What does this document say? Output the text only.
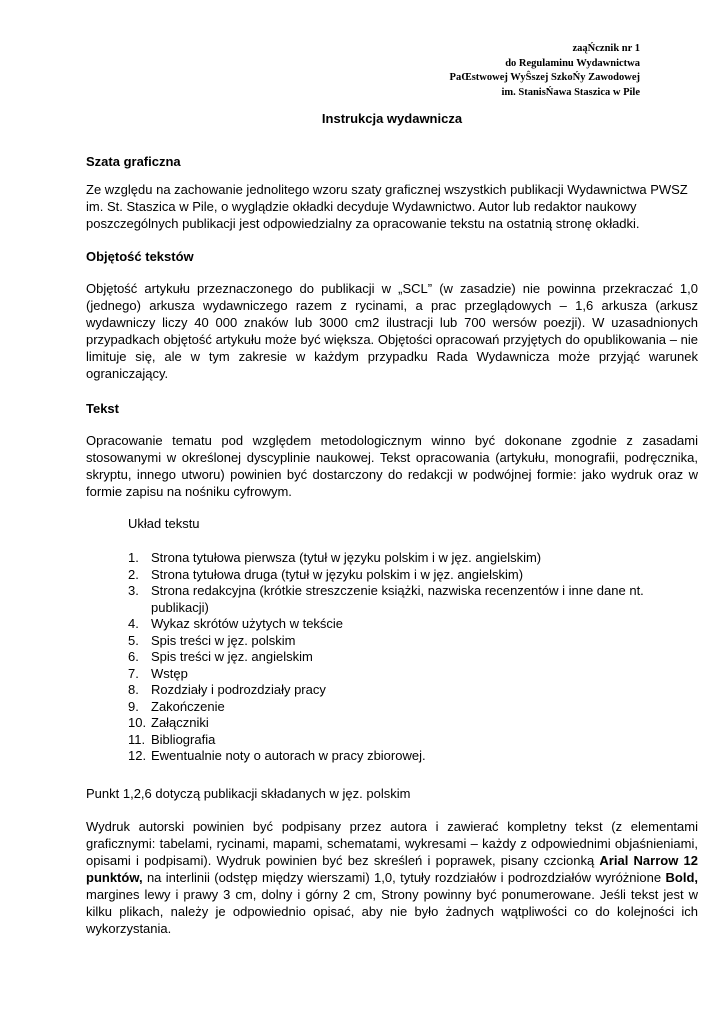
zaąŃcznik nr 1
do Regulaminu Wydawnictwa
PaŒstwowej WyŜszej SzkoŃy Zawodowej
im. StanisŃawa Staszica w Pile
Instrukcja wydawnicza
Szata graficzna
Ze względu na zachowanie jednolitego wzoru szaty graficznej wszystkich publikacji Wydawnictwa PWSZ im. St. Staszica w Pile, o wyglądzie okładki decyduje Wydawnictwo. Autor lub redaktor naukowy poszczególnych publikacji jest odpowiedzialny za opracowanie tekstu na ostatnią stronę okładki.
Objętość tekstów
Objętość artykułu przeznaczonego do publikacji w „SCL” (w zasadzie) nie powinna przekraczać 1,0 (jednego) arkusza wydawniczego razem z rycinami, a prac przeglądowych – 1,6 arkusza (arkusz wydawniczy liczy 40 000 znaków lub 3000 cm2 ilustracji lub 700 wersów poezji). W uzasadnionych przypadkach objętość artykułu może być większa. Objętości opracowań przyjętych do opublikowania – nie limituje się, ale w tym zakresie w każdym przypadku Rada Wydawnicza może przyjąć warunek ograniczający.
Tekst
Opracowanie tematu pod względem metodologicznym winno być dokonane zgodnie z zasadami stosowanymi w określonej dyscyplinie naukowej. Tekst opracowania (artykułu, monografii, podręcznika, skryptu, innego utworu) powinien być dostarczony do redakcji w podwójnej formie: jako wydruk oraz w formie zapisu na nośniku cyfrowym.
Układ tekstu
1. Strona tytułowa pierwsza (tytuł w języku polskim i w jęz. angielskim)
2. Strona tytułowa druga (tytuł w języku polskim i w jęz. angielskim)
3. Strona redakcyjna (krótkie streszczenie książki, nazwiska recenzentów i inne dane nt. publikacji)
4. Wykaz skrótów użytych w tekście
5. Spis treści w jęz. polskim
6. Spis treści w jęz. angielskim
7. Wstęp
8. Rozdziały i podrozdziały pracy
9. Zakończenie
10. Załączniki
11. Bibliografia
12. Ewentualnie noty o autorach w pracy zbiorowej.
Punkt 1,2,6 dotyczą publikacji składanych w jęz. polskim
Wydruk autorski powinien być podpisany przez autora i zawierać kompletny tekst (z elementami graficznymi: tabelami, rycinami, mapami, schematami, wykresami – każdy z odpowiednimi objaśnieniami, opisami i podpisami). Wydruk powinien być bez skreśleń i poprawek, pisany czcionką Arial Narrow 12 punktów, na interlinii (odstęp między wierszami) 1,0, tytuły rozdziałów i podrozdziałów wyróżnione Bold, margines lewy i prawy 3 cm, dolny i górny 2 cm, Strony powinny być ponumerowane. Jeśli tekst jest w kilku plikach, należy je odpowiednio opisać, aby nie było żadnych wątpliwości co do kolejności ich wykorzystania.
